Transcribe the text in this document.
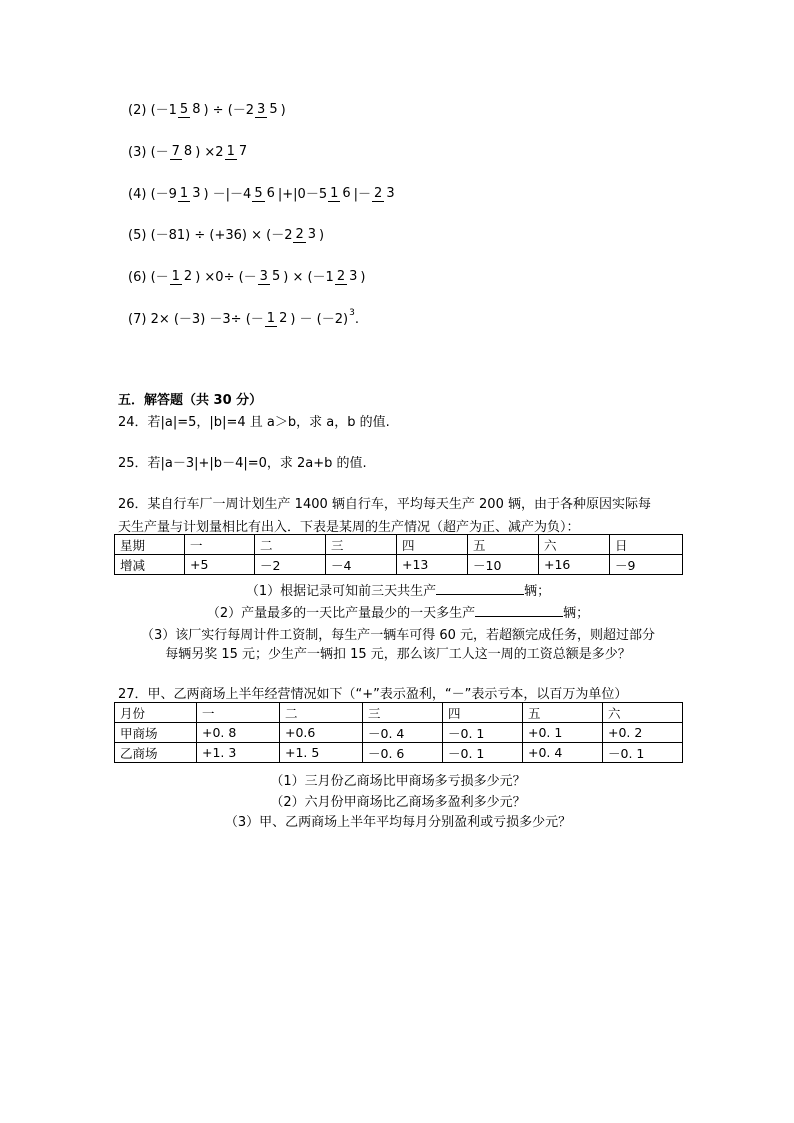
(2)
(－1 5 8 ) ÷ (－2 3 5 )
(3)
(－ 7 8 ) ×2 1 7
(4)
(－9 1 3 ) －|－4 5 6 |+|0－5 1 6 |－ 2 3
(5)
(－81) ÷ (+36) × (－2 2 3 )
(6)
(－ 1 2 ) ×0÷ (－ 3 5 ) × (－1 2 3 )
(7)
2× (－3) －3÷ (－ 1 2 ) － $(-2)^3$ .
五．解答题（共 30 分）
24．若|a|=5，|b|=4 且 a＞b，求 a，b 的值.
25．若|a－3|+|b－4|=0，求 2a+b 的值.
26．某自行车厂一周计划生产 1400 辆自行车，平均每天生产 200 辆，由于各种原因实际每
天生产量与计划量相比有出入．下表是某周的生产情况（超产为正、减产为负）：
星期	一	二	三	四	五	六	日
增减	+5	－2	－4	+13	－10	+16	－9
（1）根据记录可知前三天共生产	辆；
（2）产量最多的一天比产量最少的一天多生产	辆；
（3）该厂实行每周计件工资制，每生产一辆车可得 60 元，若超额完成任务，则超过部分
每辆另奖 15 元；少生产一辆扣 15 元，那么该厂工人这一周的工资总额是多少？
27．甲、乙两商场上半年经营情况如下（“+”表示盈利，“－”表示亏本，以百万为单位）
月份	一	二	三	四	五	六
甲商场	+0. 8	+0.6	－0. 4	－0. 1	+0. 1	+0. 2
乙商场	+1. 3	+1. 5	－0. 6	－0. 1	+0. 4	－0. 1
（1）三月份乙商场比甲商场多亏损多少元？
（2）六月份甲商场比乙商场多盈利多少元？
（3）甲、乙两商场上半年平均每月分别盈利或亏损多少元？
